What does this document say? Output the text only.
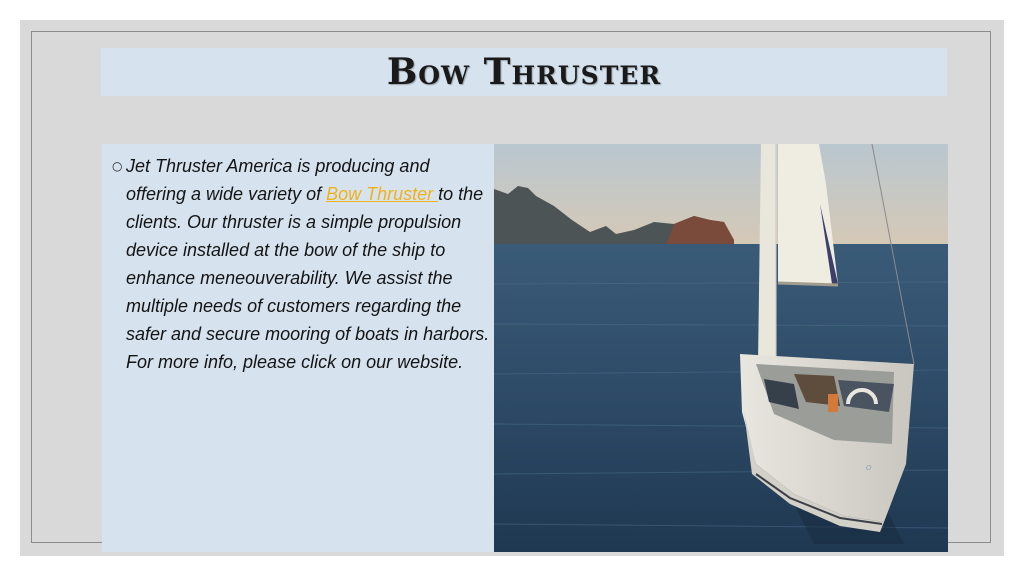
Bow Thruster
○ Jet Thruster America is producing and offering a wide variety of Bow Thruster to the clients. Our thruster is a simple propulsion device installed at the bow of the ship to enhance meneouverability. We assist the multiple needs of customers regarding the safer and secure mooring of boats in harbors. For more info, please click on our website.
Ο
